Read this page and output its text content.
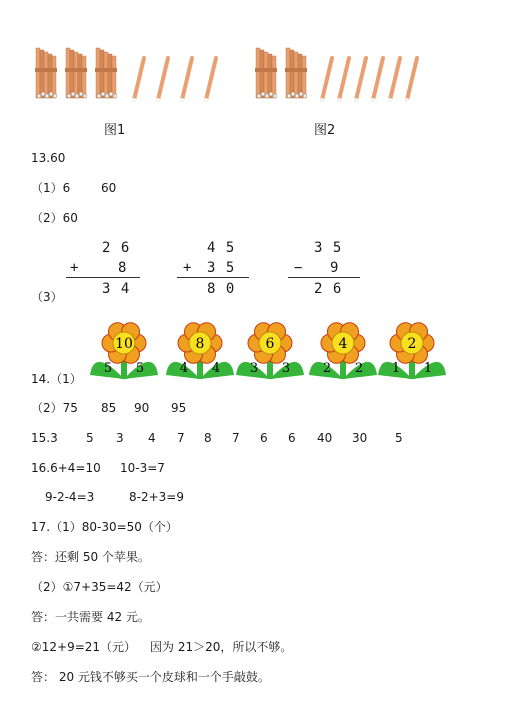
图1	图2
13.60
（1）6	60
（2）60
2 6
+	8
3 4
4 5
+ 3 5
8 0
3 5
− 9
2 6
（3）
10
5 5
8
4 4
6
3 3
4
2 2
2
1 1
14.（1）
（2）75 85 90 95
15.3 5 3 4 7 8 7 6 6 40 30 5
16.6+4=10 10-3=7
9-2-4=3	8-2+3=9
17.（1）80-30=50（个）
答：还剩 50 个苹果。
（2）①7+35=42（元）
答：一共需要 42 元。
②12+9=21（元） 因为 21＞20，所以不够。
答： 20 元钱不够买一个皮球和一个手敲鼓。
